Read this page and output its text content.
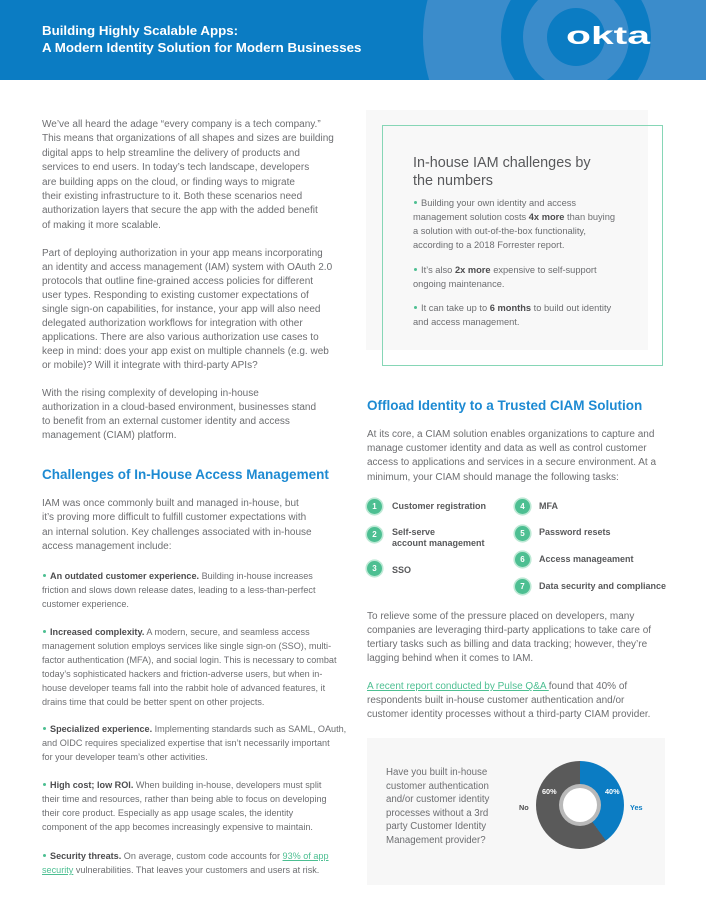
Building Highly Scalable Apps:
A Modern Identity Solution for Modern Businesses	okta
We’ve all heard the adage “every company is a tech company.”
This means that organizations of all shapes and sizes are building
digital apps to help streamline the delivery of products and
services to end users. In today’s tech landscape, developers
are building apps on the cloud, or finding ways to migrate
their existing infrastructure to it. Both these scenarios need
authorization layers that secure the app with the added benefit
of making it more scalable.
Part of deploying authorization in your app means incorporating
an identity and access management (IAM) system with OAuth 2.0
protocols that outline fine-grained access policies for different
user types. Responding to existing customer expectations of
single sign-on capabilities, for instance, your app will also need
delegated authorization workflows for integration with other
applications. There are also various authorization use cases to
keep in mind: does your app exist on multiple channels (e.g. web
or mobile)? Will it integrate with third-party APIs?
With the rising complexity of developing in-house
authorization in a cloud-based environment, businesses stand
to benefit from an external customer identity and access
management (CIAM) platform.
Challenges of In-House Access Management
IAM was once commonly built and managed in-house, but
it’s proving more difficult to fulfill customer expectations with
an internal solution. Key challenges associated with in-house
access management include:
An outdated customer experience. Building in-house increases
friction and slows down release dates, leading to a less-than-perfect
customer experience.
Increased complexity. A modern, secure, and seamless access
management solution employs services like single sign-on (SSO), multi-
factor authentication (MFA), and social login. This is necessary to combat
today’s sophisticated hackers and friction-adverse users, but when in-
house developer teams fall into the rabbit hole of advanced features, it
drains time that could be better spent on other projects.
Specialized experience. Implementing standards such as SAML, OAuth,
and OIDC requires specialized expertise that isn’t necessarily important
for your developer team’s other activities.
High cost; low ROI. When building in-house, developers must split
their time and resources, rather than being able to focus on developing
their core product. Especially as app usage scales, the identity
component of the app becomes increasingly expensive to maintain.
Security threats. On average, custom code accounts for 93% of app
security vulnerabilities. That leaves your customers and users at risk.
In-house IAM challenges by
the numbers
Building your own identity and access
management solution costs 4x more than buying
a solution with out-of-the-box functionality,
according to a 2018 Forrester report.
It’s also 2x more expensive to self-support
ongoing maintenance.
It can take up to 6 months to build out identity
and access management.
Offload Identity to a Trusted CIAM Solution
At its core, a CIAM solution enables organizations to capture and
manage customer identity and data as well as control customer
access to applications and services in a secure environment. At a
minimum, your CIAM should manage the following tasks:
1	Customer registration
2	Self-serve
account management
3	SSO
4	MFA
5	Password resets
6	Access manageament
7	Data security and compliance
To relieve some of the pressure placed on developers, many
companies are leveraging third-party applications to take care of
tertiary tasks such as billing and data tracking; however, they’re
lagging behind when it comes to IAM.
A recent report conducted by Pulse Q&A found that 40% of
respondents built in-house customer authentication and/or
customer identity processes without a third-party CIAM provider.
Have you built in-house
customer authentication
and/or customer identity
processes without a 3rd
party Customer Identity
Management provider?
60%	40%
No	Yes
